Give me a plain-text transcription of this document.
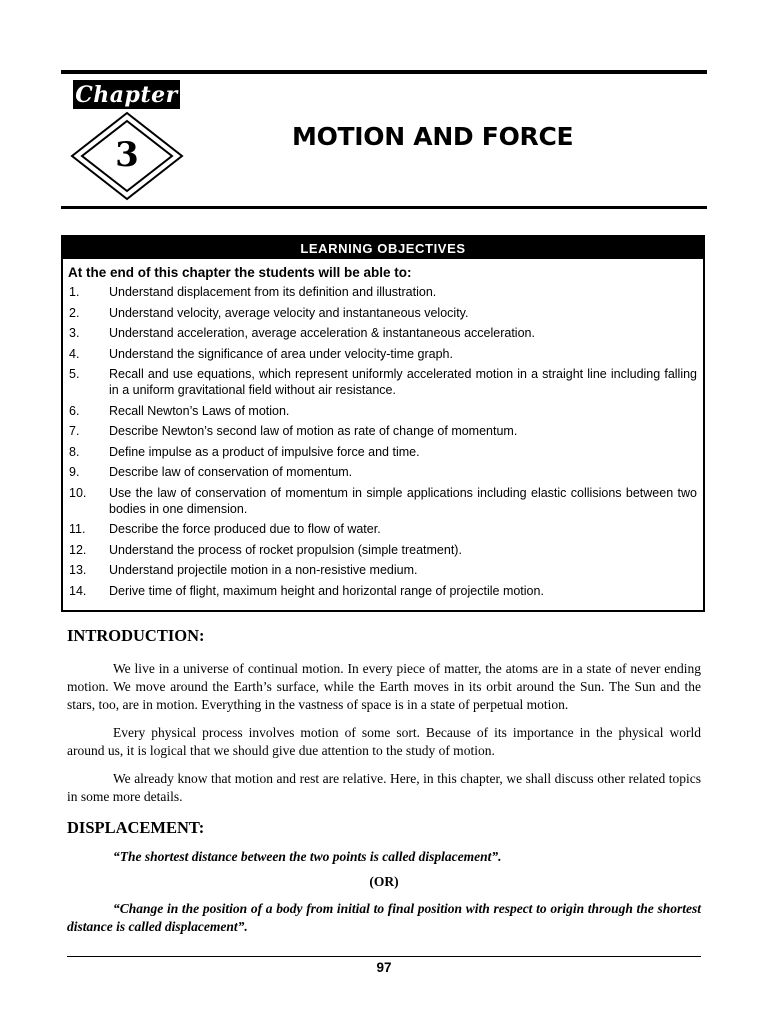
Chapter
3	MOTION AND FORCE
LEARNING OBJECTIVES
At the end of this chapter the students will be able to:
1.	Understand displacement from its definition and illustration.
2.	Understand velocity, average velocity and instantaneous velocity.
3.	Understand acceleration, average acceleration & instantaneous acceleration.
4.	Understand the significance of area under velocity-time graph.
5.	Recall and use equations, which represent uniformly accelerated motion in a straight line including falling in a uniform gravitational field without air resistance.
6.	Recall Newton’s Laws of motion.
7.	Describe Newton’s second law of motion as rate of change of momentum.
8.	Define impulse as a product of impulsive force and time.
9.	Describe law of conservation of momentum.
10.	Use the law of conservation of momentum in simple applications including elastic collisions between two bodies in one dimension.
11.	Describe the force produced due to flow of water.
12.	Understand the process of rocket propulsion (simple treatment).
13.	Understand projectile motion in a non-resistive medium.
14.	Derive time of flight, maximum height and horizontal range of projectile motion.
INTRODUCTION:

We live in a universe of continual motion. In every piece of matter, the atoms are in a state of never ending motion. We move around the Earth’s surface, while the Earth moves in its orbit around the Sun. The Sun and the stars, too, are in motion. Everything in the vastness of space is in a state of perpetual motion.

Every physical process involves motion of some sort. Because of its importance in the physical world around us, it is logical that we should give due attention to the study of motion.

We already know that motion and rest are relative. Here, in this chapter, we shall discuss other related topics in some more details.

DISPLACEMENT:

“The shortest distance between the two points is called displacement”.

(OR)

“Change in the position of a body from initial to final position with respect to origin through the shortest distance is called displacement”.

97
